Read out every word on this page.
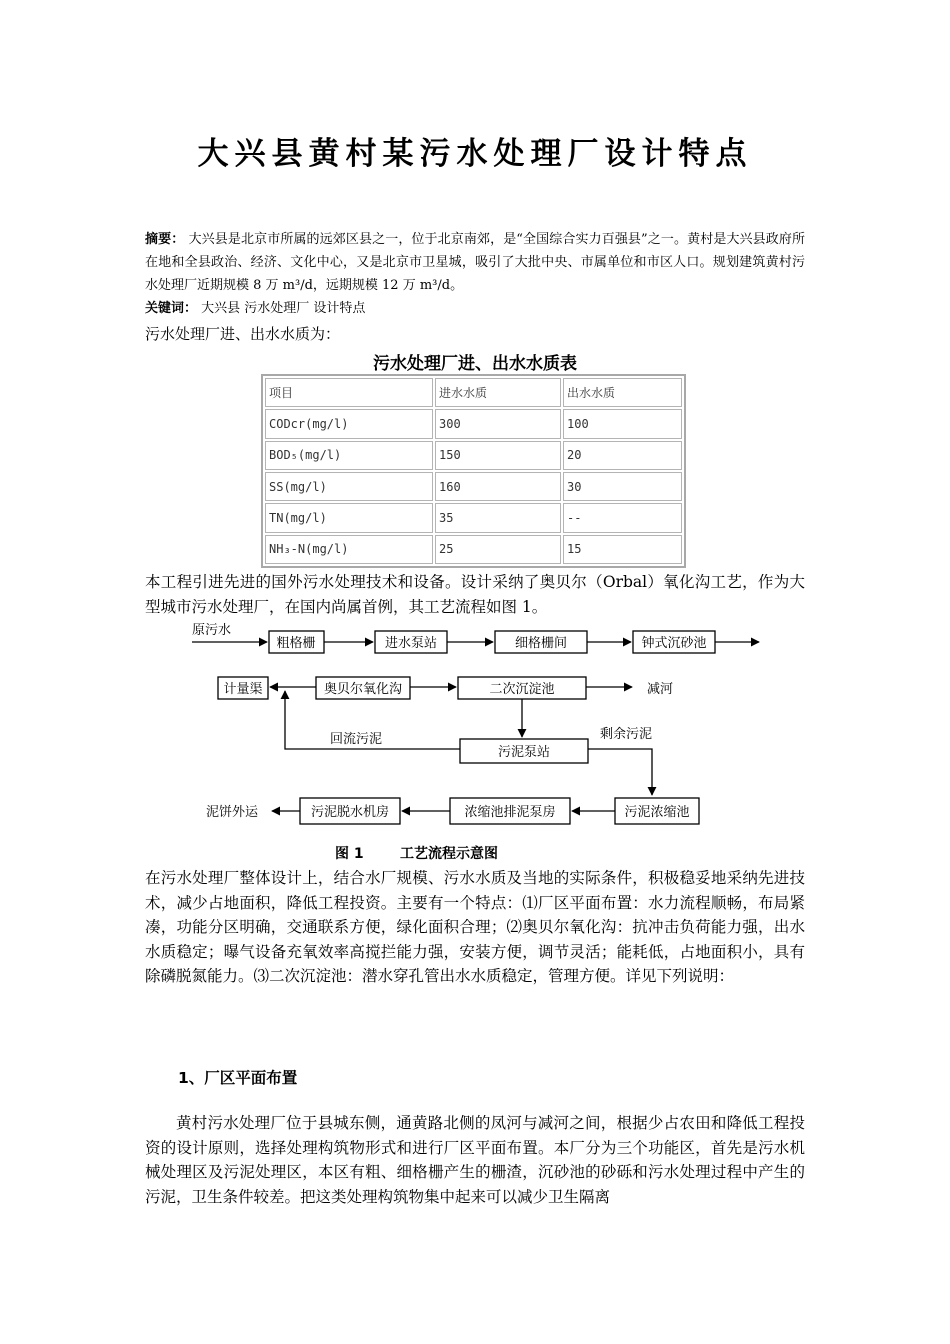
大兴县黄村某污水处理厂设计特点
摘要： 大兴县是北京市所属的远郊区县之一，位于北京南郊，是“全国综合实力百强县”之一。黄村是大兴县政府所在地和全县政治、经济、文化中心，又是北京市卫星城，吸引了大批中央、市属单位和市区人口。规划建筑黄村污水处理厂近期规模 8 万 m³/d，远期规模 12 万 m³/d。
关键词： 大兴县 污水处理厂 设计特点
污水处理厂进、出水水质为：
污水处理厂进、出水水质表
项目	进水水质	出水水质
CODcr(mg/l)	300	100
BOD₅(mg/l)	150	20
SS(mg/l)	160	30
TN(mg/l)	35	--
NH₃-N(mg/l)	25	15
本工程引进先进的国外污水处理技术和设备。设计采纳了奥贝尔（Orbal）氧化沟工艺，作为大型城市污水处理厂，在国内尚属首例，其工艺流程如图 1。
原污水
粗格栅	进水泵站	细格栅间	钟式沉砂池
计量渠	奥贝尔氧化沟	二次沉淀池	减河
回流污泥
污泥泵站
剩余污泥
污泥浓缩池
浓缩池排泥泵房
污泥脱水机房
泥饼外运
图 1	工艺流程示意图
在污水处理厂整体设计上，结合水厂规模、污水水质及当地的实际条件，积极稳妥地采纳先进技术，减少占地面积，降低工程投资。主要有一个特点：⑴厂区平面布置：水力流程顺畅，布局紧凑，功能分区明确，交通联系方便，绿化面积合理；⑵奥贝尔氧化沟：抗冲击负荷能力强，出水水质稳定；曝气设备充氧效率高搅拦能力强，安装方便，调节灵活；能耗低，占地面积小，具有除磷脱氮能力。⑶二次沉淀池：潜水穿孔管出水水质稳定，管理方便。详见下列说明：
1、厂区平面布置
黄村污水处理厂位于县城东侧，通黄路北侧的凤河与减河之间，根据少占农田和降低工程投资的设计原则，选择处理构筑物形式和进行厂区平面布置。本厂分为三个功能区，首先是污水机械处理区及污泥处理区，本区有粗、细格栅产生的栅渣，沉砂池的砂砾和污水处理过程中产生的污泥，卫生条件较差。把这类处理构筑物集中起来可以减少卫生隔离
